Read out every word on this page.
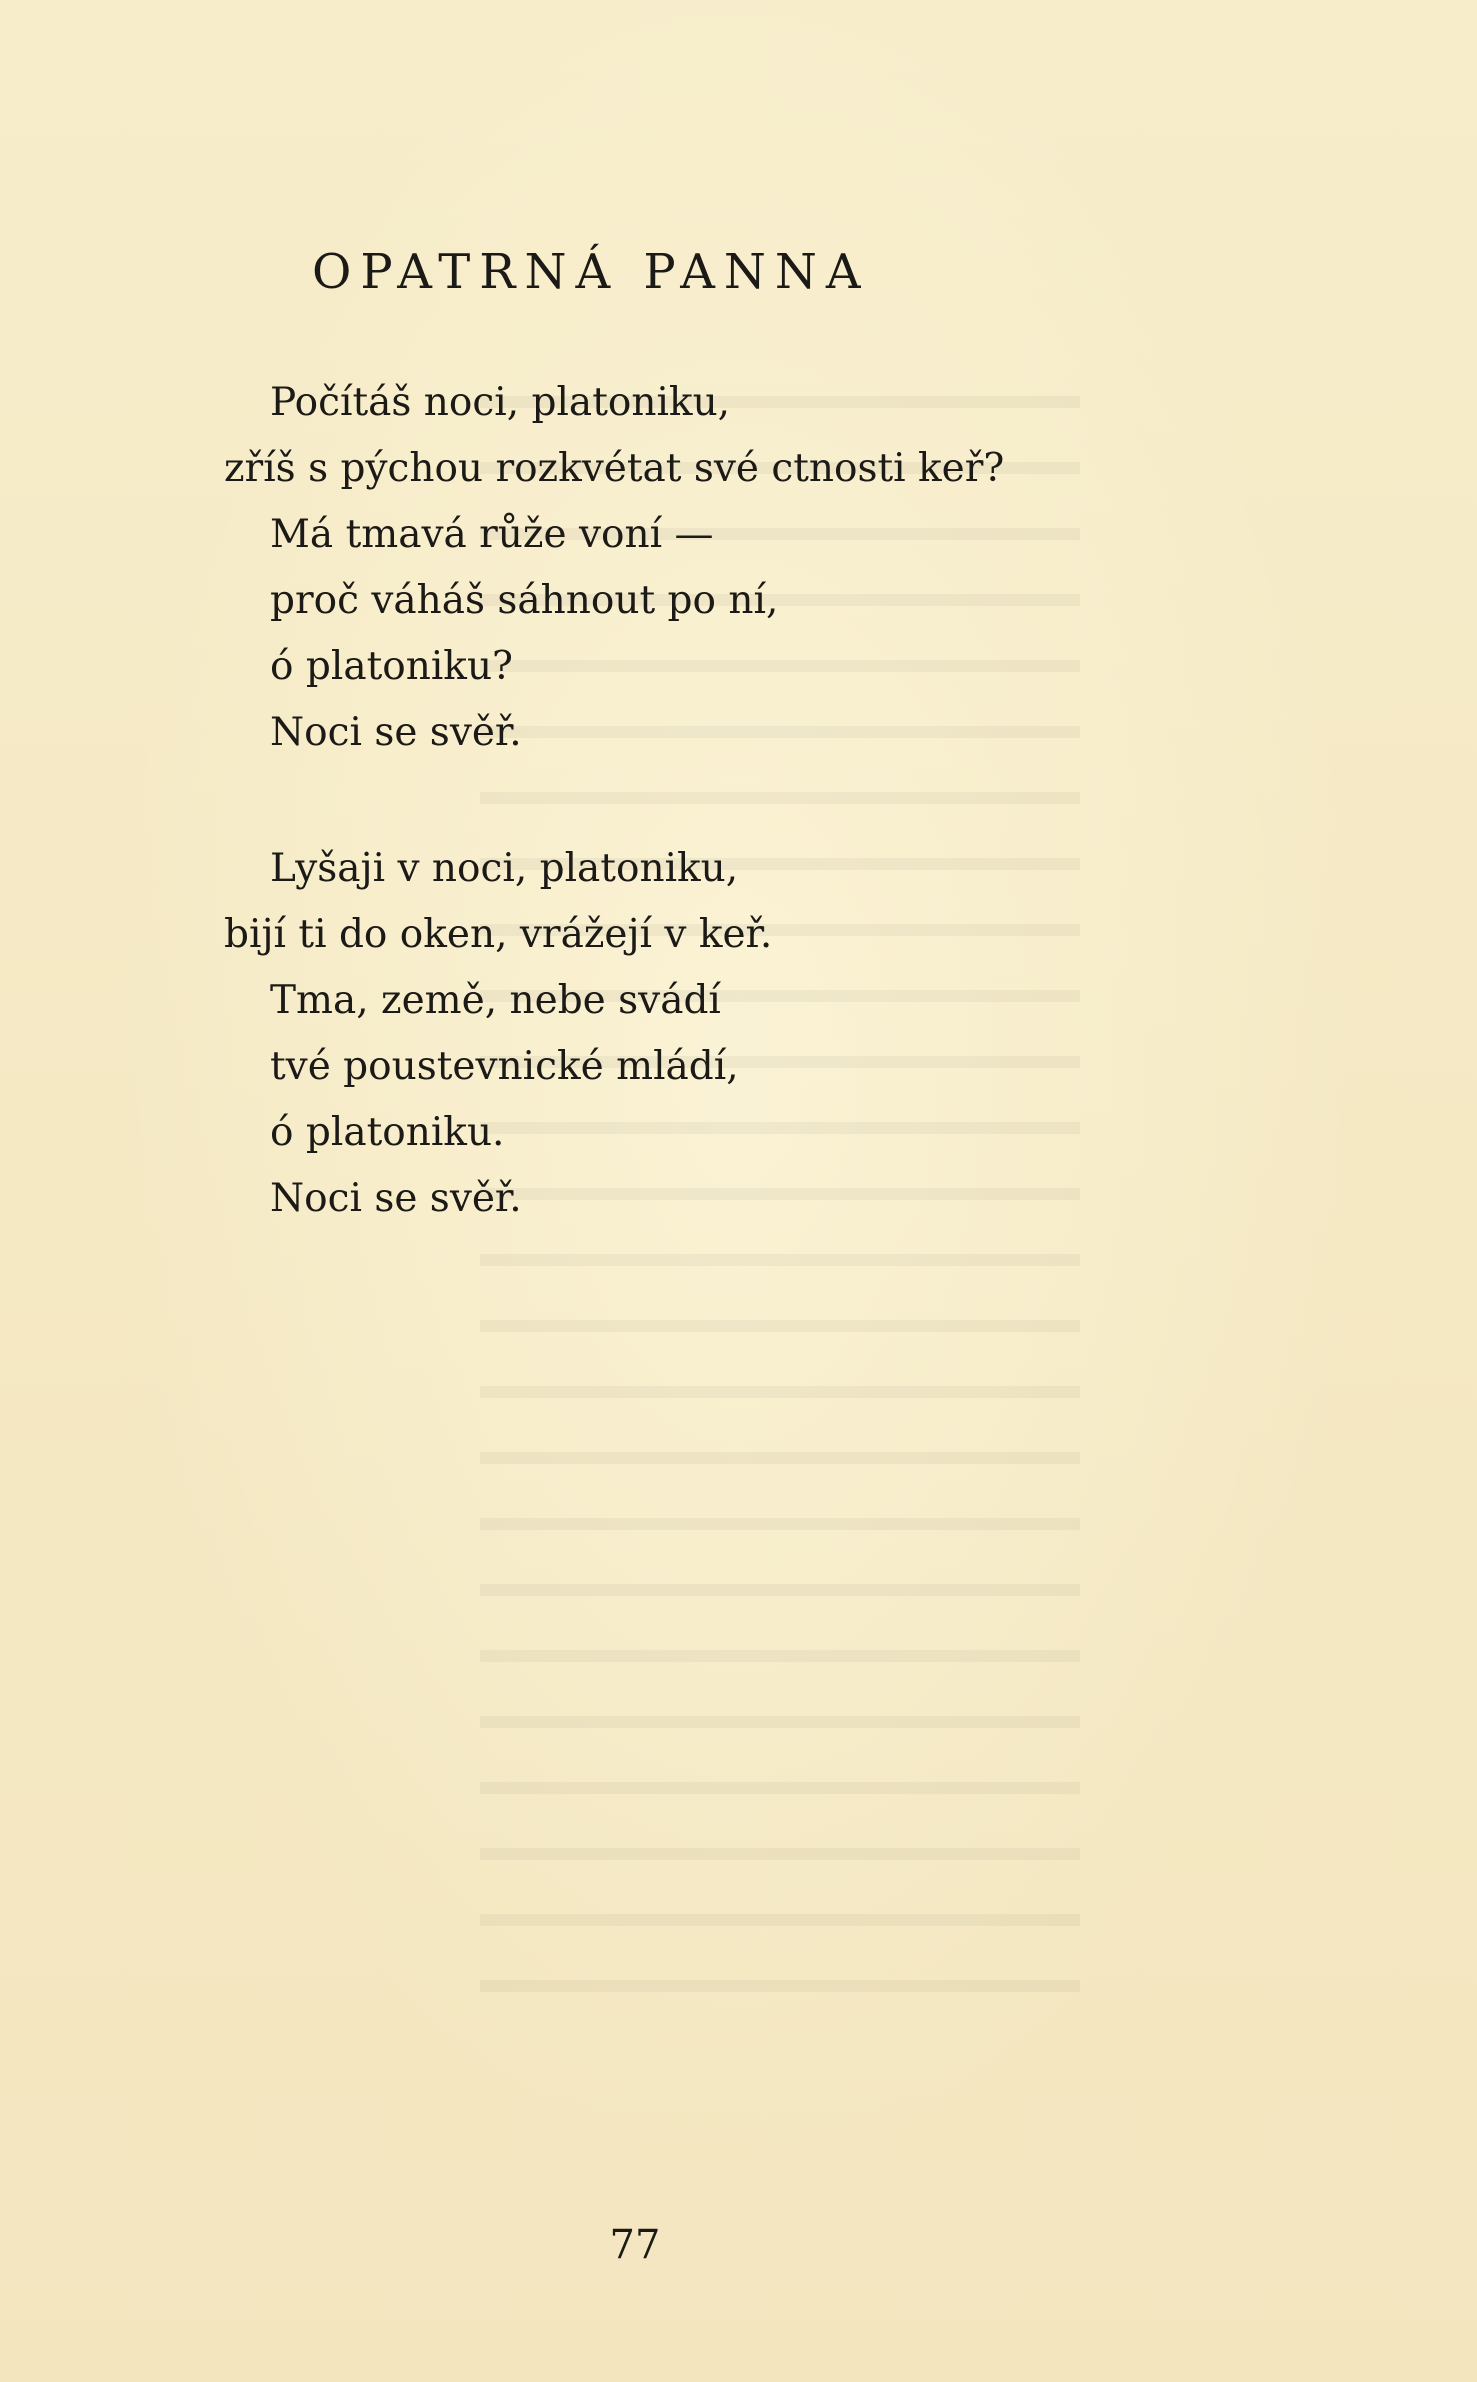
OPATRNÁ PANNA
Počítáš noci, platoniku,
zříš s pýchou rozkvétat své ctnosti keř?
Má tmavá růže voní —
proč váháš sáhnout po ní,
ó platoniku?
Noci se svěř.
Lyšaji v noci, platoniku,
bijí ti do oken, vrážejí v keř.
Tma, země, nebe svádí
tvé poustevnické mládí,
ó platoniku.
Noci se svěř.
77
